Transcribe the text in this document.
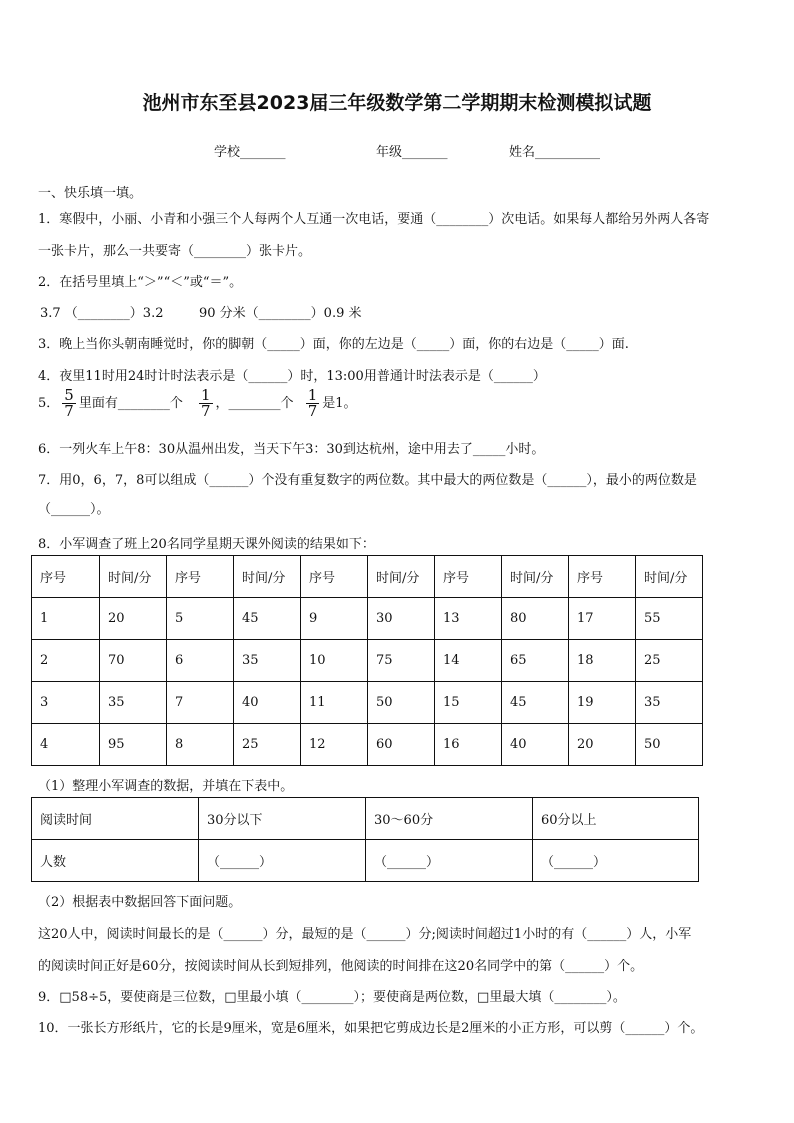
池州市东至县2023届三年级数学第二学期期末检测模拟试题
学校_______	年级_______	姓名__________
一、快乐填一填。
1．寒假中，小丽、小青和小强三个人每两个人互通一次电话，要通（________）次电话。如果每人都给另外两人各寄
一张卡片，那么一共要寄（________）张卡片。
2．在括号里填上“＞”“＜”或“＝”。
3.7 （________）3.2	90 分米（________）0.9 米
3．晚上当你头朝南睡觉时，你的脚朝（_____）面，你的左边是（_____）面，你的右边是（_____）面.
4．夜里11时用24时计时法表示是（______）时，13:00用普通计时法表示是（______）
5． $\frac{5}{7}$ 里面有________个 $\frac{1}{7}$ ，________个 $\frac{1}{7}$ 是1。
6．一列火车上午8：30从温州出发，当天下午3：30到达杭州，途中用去了_____小时。
7．用0，6，7，8可以组成（______）个没有重复数字的两位数。其中最大的两位数是（______），最小的两位数是
（______）。
8．小军调查了班上20名同学星期天课外阅读的结果如下：
序号	时间/分	序号	时间/分	序号	时间/分	序号	时间/分	序号	时间/分
1	20	5	45	9	30	13	80	17	55
2	70	6	35	10	75	14	65	18	25
3	35	7	40	11	50	15	45	19	35
4	95	8	25	12	60	16	40	20	50
（1）整理小军调查的数据，并填在下表中。
阅读时间	30分以下	30～60分	60分以上
人数	（______）	（______）	（______）
（2）根据表中数据回答下面问题。
这20人中，阅读时间最长的是（______）分，最短的是（______）分;阅读时间超过1小时的有（______）人，小军
的阅读时间正好是60分，按阅读时间从长到短排列，他阅读的时间排在这20名同学中的第（______）个。
9．□58÷5，要使商是三位数，□里最小填（________）；要使商是两位数，□里最大填（________）。
10．一张长方形纸片，它的长是9厘米，宽是6厘米，如果把它剪成边长是2厘米的小正方形，可以剪（______）个。
